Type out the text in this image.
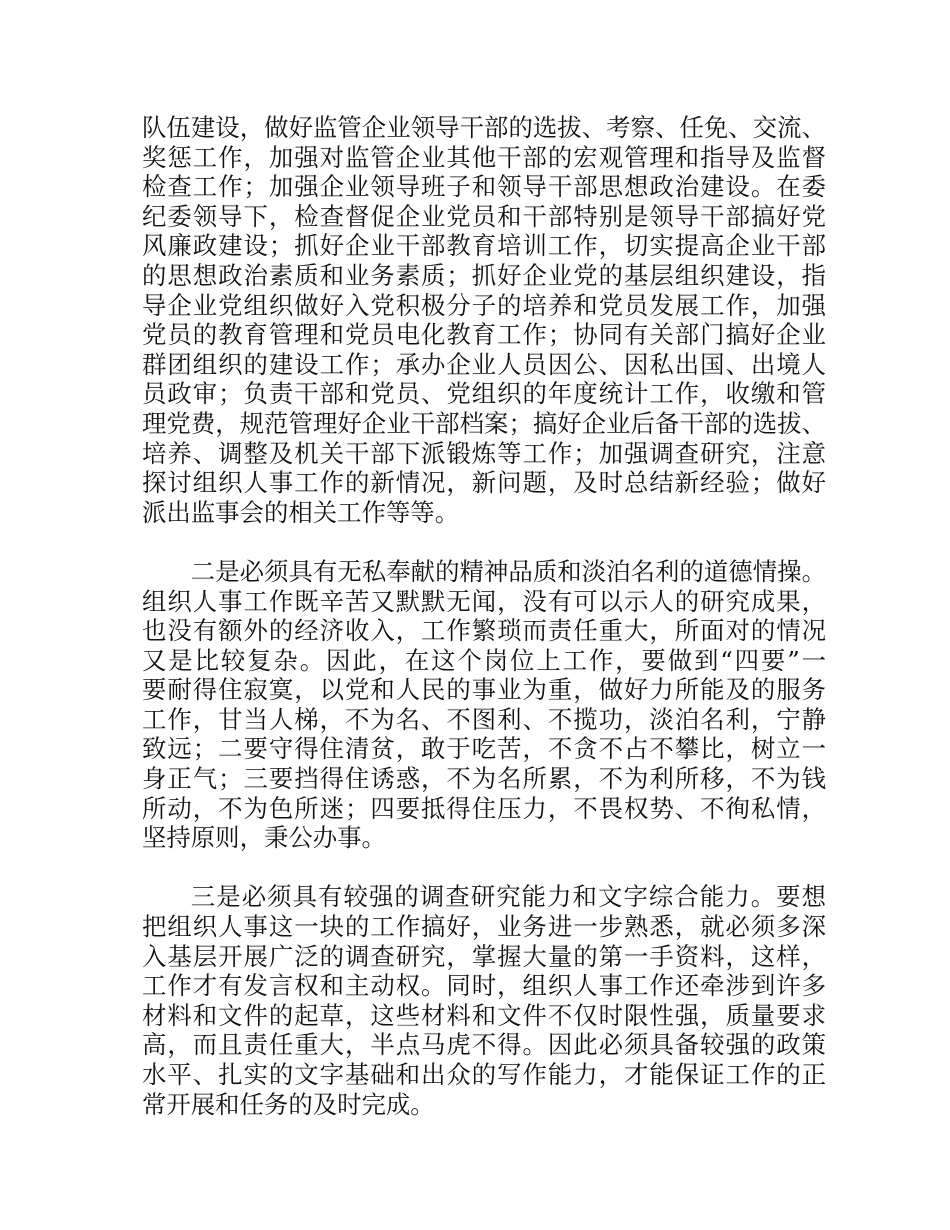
队伍建设，做好监管企业领导干部的选拔、考察、任免、交流、
奖惩工作，加强对监管企业其他干部的宏观管理和指导及监督
检查工作；加强企业领导班子和领导干部思想政治建设。在委
纪委领导下，检查督促企业党员和干部特别是领导干部搞好党
风廉政建设；抓好企业干部教育培训工作，切实提高企业干部
的思想政治素质和业务素质；抓好企业党的基层组织建设，指
导企业党组织做好入党积极分子的培养和党员发展工作，加强
党员的教育管理和党员电化教育工作；协同有关部门搞好企业
群团组织的建设工作；承办企业人员因公、因私出国、出境人
员政审；负责干部和党员、党组织的年度统计工作，收缴和管
理党费，规范管理好企业干部档案；搞好企业后备干部的选拔、
培养、调整及机关干部下派锻炼等工作；加强调查研究，注意
探讨组织人事工作的新情况，新问题，及时总结新经验；做好
派出监事会的相关工作等等。
二是必须具有无私奉献的精神品质和淡泊名利的道德情操。
组织人事工作既辛苦又默默无闻，没有可以示人的研究成果，
也没有额外的经济收入，工作繁琐而责任重大，所面对的情况
又是比较复杂。因此，在这个岗位上工作，要做到“四要”一
要耐得住寂寞，以党和人民的事业为重，做好力所能及的服务
工作，甘当人梯，不为名、不图利、不揽功，淡泊名利，宁静
致远；二要守得住清贫，敢于吃苦，不贪不占不攀比，树立一
身正气；三要挡得住诱惑，不为名所累，不为利所移，不为钱
所动，不为色所迷；四要抵得住压力，不畏权势、不徇私情，
坚持原则，秉公办事。
三是必须具有较强的调查研究能力和文字综合能力。要想
把组织人事这一块的工作搞好，业务进一步熟悉，就必须多深
入基层开展广泛的调查研究，掌握大量的第一手资料，这样，
工作才有发言权和主动权。同时，组织人事工作还牵涉到许多
材料和文件的起草，这些材料和文件不仅时限性强，质量要求
高，而且责任重大，半点马虎不得。因此必须具备较强的政策
水平、扎实的文字基础和出众的写作能力，才能保证工作的正
常开展和任务的及时完成。
